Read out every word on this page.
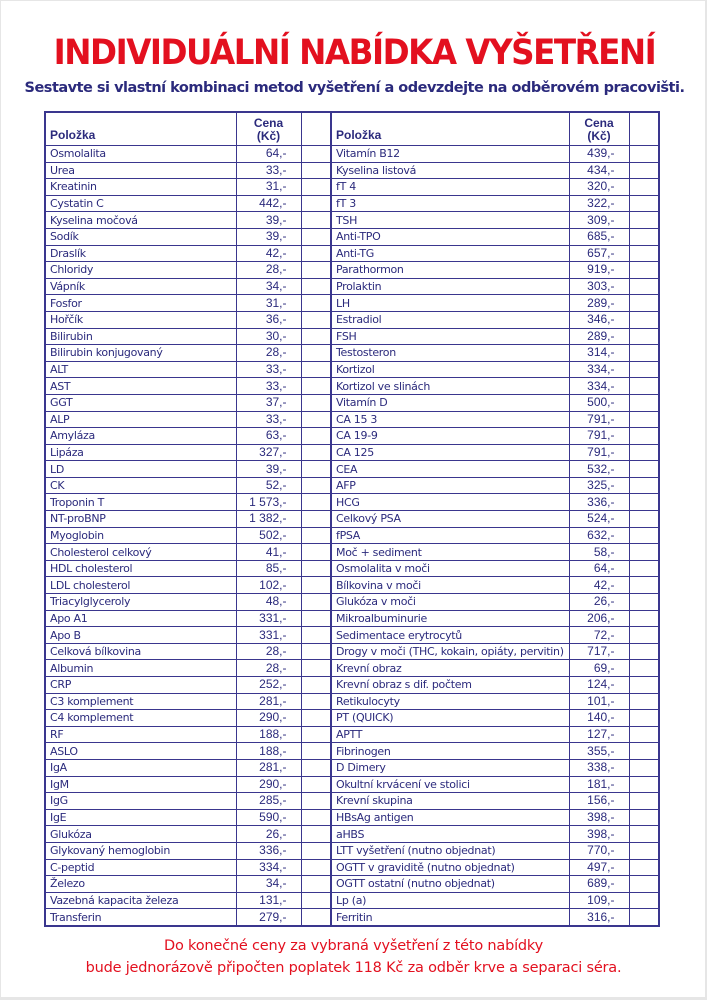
INDIVIDUÁLNÍ NABÍDKA VYŠETŘENÍ
Sestavte si vlastní kombinaci metod vyšetření a odevzdejte na odběrovém pracovišti.
Položka	Cena
(Kč)		Položka	Cena
(Kč)	
Osmolalita	64,-		Vitamín B12	439,-	
Urea	33,-		Kyselina listová	434,-	
Kreatinin	31,-		fT 4	320,-	
Cystatin C	442,-		fT 3	322,-	
Kyselina močová	39,-		TSH	309,-	
Sodík	39,-		Anti-TPO	685,-	
Draslík	42,-		Anti-TG	657,-	
Chloridy	28,-		Parathormon	919,-	
Vápník	34,-		Prolaktin	303,-	
Fosfor	31,-		LH	289,-	
Hořčík	36,-		Estradiol	346,-	
Bilirubin	30,-		FSH	289,-	
Bilirubin konjugovaný	28,-		Testosteron	314,-	
ALT	33,-		Kortizol	334,-	
AST	33,-		Kortizol ve slinách	334,-	
GGT	37,-		Vitamín D	500,-	
ALP	33,-		CA 15 3	791,-	
Amyláza	63,-		CA 19-9	791,-	
Lipáza	327,-		CA 125	791,-	
LD	39,-		CEA	532,-	
CK	52,-		AFP	325,-	
Troponin T	1 573,-		HCG	336,-	
NT-proBNP	1 382,-		Celkový PSA	524,-	
Myoglobin	502,-		fPSA	632,-	
Cholesterol celkový	41,-		Moč + sediment	58,-	
HDL cholesterol	85,-		Osmolalita v moči	64,-	
LDL cholesterol	102,-		Bílkovina v moči	42,-	
Triacylglyceroly	48,-		Glukóza v moči	26,-	
Apo A1	331,-		Mikroalbuminurie	206,-	
Apo B	331,-		Sedimentace erytrocytů	72,-	
Celková bílkovina	28,-		Drogy v moči (THC, kokain, opiáty, pervitin)	717,-	
Albumin	28,-		Krevní obraz	69,-	
CRP	252,-		Krevní obraz s dif. počtem	124,-	
C3 komplement	281,-		Retikulocyty	101,-	
C4 komplement	290,-		PT (QUICK)	140,-	
RF	188,-		APTT	127,-	
ASLO	188,-		Fibrinogen	355,-	
IgA	281,-		D Dimery	338,-	
IgM	290,-		Okultní krvácení ve stolici	181,-	
IgG	285,-		Krevní skupina	156,-	
IgE	590,-		HBsAg antigen	398,-	
Glukóza	26,-		aHBS	398,-	
Glykovaný hemoglobin	336,-		LTT vyšetření (nutno objednat)	770,-	
C-peptid	334,-		OGTT v graviditě (nutno objednat)	497,-	
Železo	34,-		OGTT ostatní (nutno objednat)	689,-	
Vazebná kapacita železa	131,-		Lp (a)	109,-	
Transferin	279,-		Ferritin	316,-	
Do konečné ceny za vybraná vyšetření z této nabídky
bude jednorázově připočten poplatek 118 Kč za odběr krve a separaci séra.
